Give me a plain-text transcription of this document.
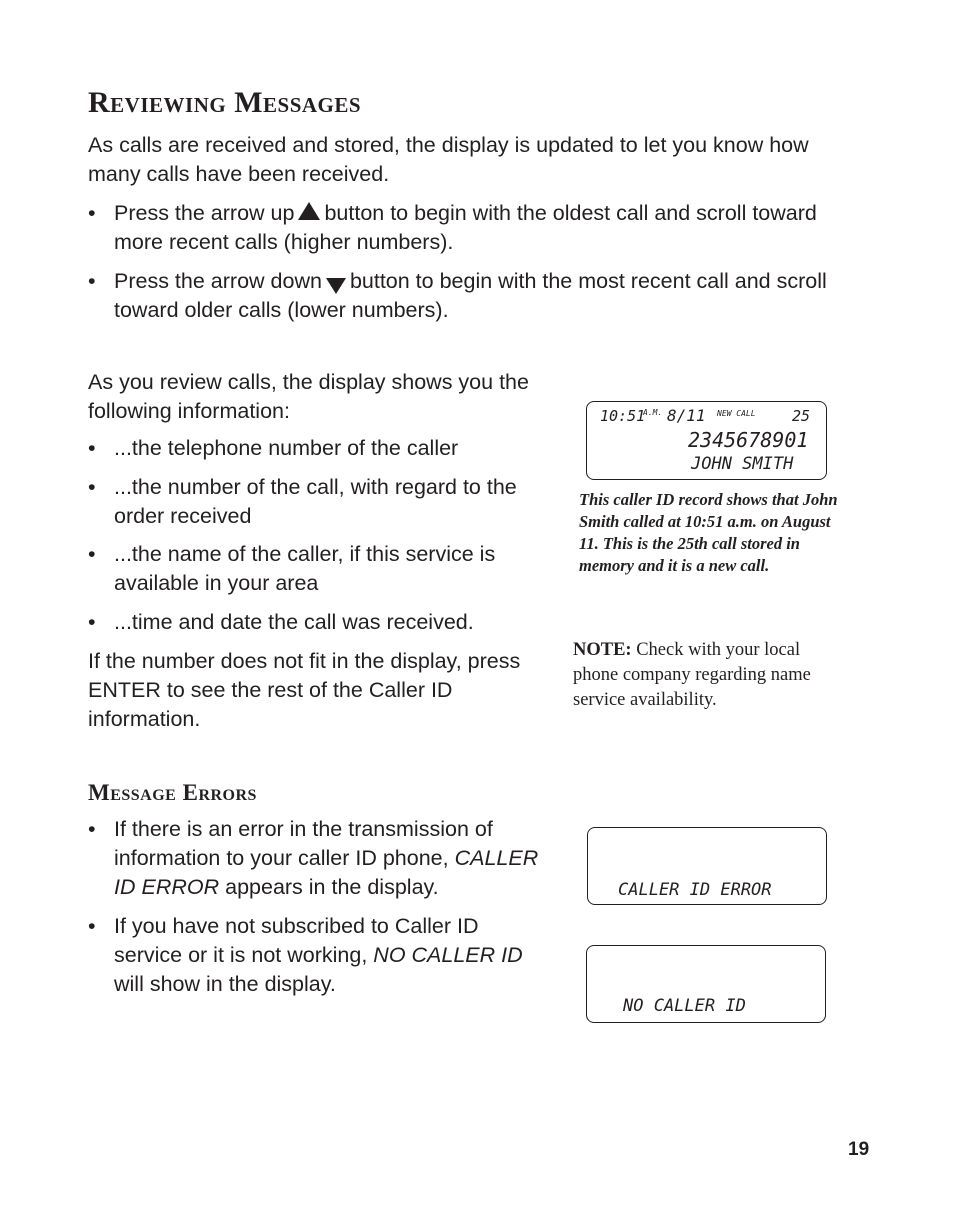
Reviewing Messages
As calls are received and stored, the display is updated to let you know how many calls have been received.
• Press the arrow up button to begin with the oldest call and scroll toward more recent calls (higher numbers).
• Press the arrow down button to begin with the most recent call and scroll toward older calls (lower numbers).
As you review calls, the display shows you the following information:
• ...the telephone number of the caller
• ...the number of the call, with regard to the order received
• ...the name of the caller, if this service is available in your area
• ...time and date the call was received.
If the number does not fit in the display, press ENTER to see the rest of the Caller ID information.
10:51
A.M. 8/11 NEW CALL 25
2345678901
JOHN SMITH
This caller ID record shows that John Smith called at 10:51 a.m. on August 11. This is the 25th call stored in memory and it is a new call.
NOTE: Check with your local phone company regarding name service availability.
Message Errors
• If there is an error in the transmission of information to your caller ID phone, CALLER ID ERROR appears in the display.
• If you have not subscribed to Caller ID service or it is not working, NO CALLER ID will show in the display.
CALLER ID ERROR
NO CALLER ID
19
